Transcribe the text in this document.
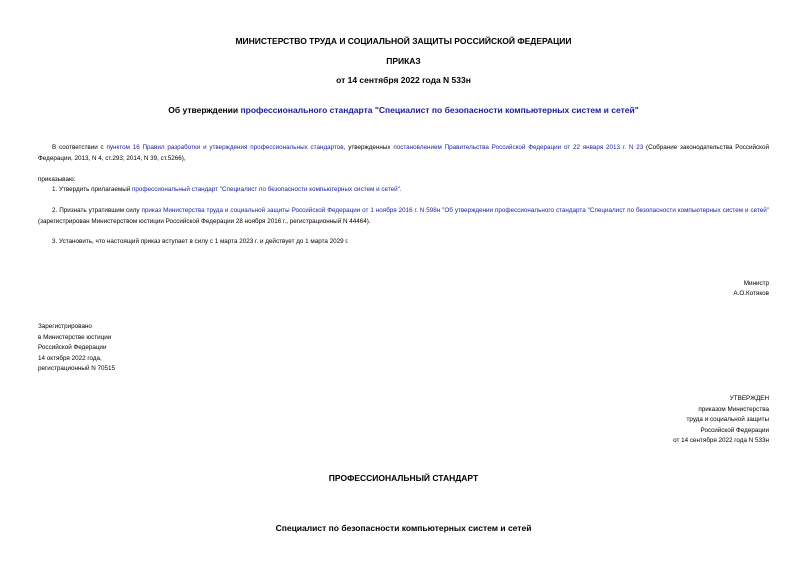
МИНИСТЕРСТВО ТРУДА И СОЦИАЛЬНОЙ ЗАЩИТЫ РОССИЙСКОЙ ФЕДЕРАЦИИ
ПРИКАЗ
от 14 сентября 2022 года N 533н
Об утверждении профессионального стандарта "Специалист по безопасности компьютерных систем и сетей"
В соответствии с пунктом 16 Правил разработки и утверждения профессиональных стандартов, утвержденных постановлением Правительства Российской Федерации от 22 января 2013 г. N 23 (Собрание законодательства Российской Федерации, 2013, N 4, ст.293; 2014, N 39, ст.5266),
приказываю:
1. Утвердить прилагаемый профессиональный стандарт "Специалист по безопасности компьютерных систем и сетей".
2. Признать утратившим силу приказ Министерства труда и социальной защиты Российской Федерации от 1 ноября 2016 г. N 598н "Об утверждении профессионального стандарта "Специалист по безопасности компьютерных систем и сетей" (зарегистрирован Министерством юстиции Российской Федерации 28 ноября 2016 г., регистрационный N 44464).
3. Установить, что настоящий приказ вступает в силу с 1 марта 2023 г. и действует до 1 марта 2029 г.
Министр
А.О.Котяков
Зарегистрировано
в Министерстве юстиции
Российской Федерации
14 октября 2022 года,
регистрационный N 70515
УТВЕРЖДЕН
приказом Министерства
труда и социальной защиты
Российской Федерации
от 14 сентября 2022 года N 533н
ПРОФЕССИОНАЛЬНЫЙ СТАНДАРТ
Специалист по безопасности компьютерных систем и сетей
